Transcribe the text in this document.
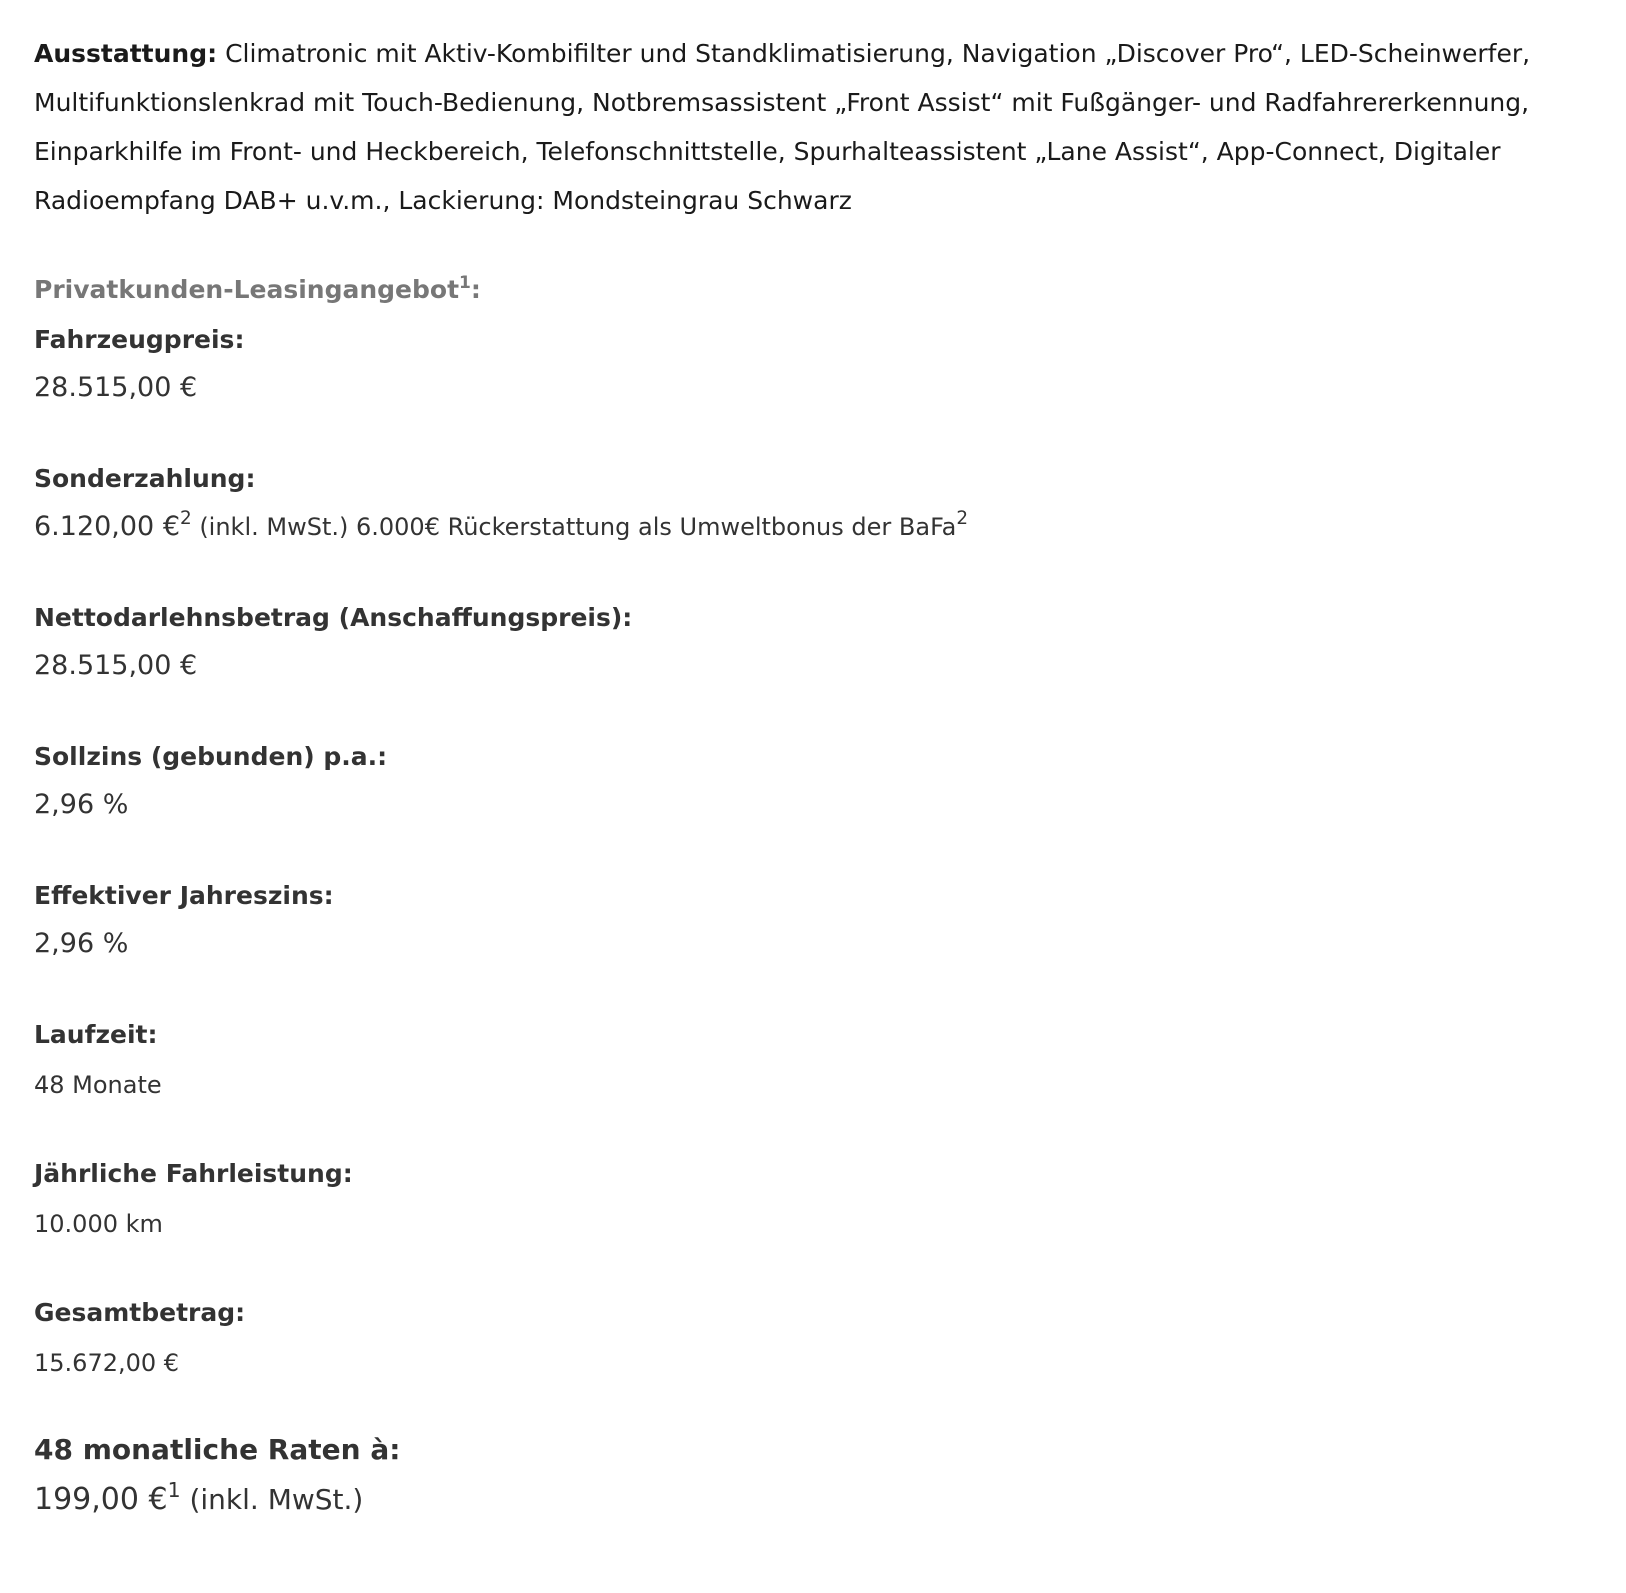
Ausstattung: Climatronic mit Aktiv-Kombifilter und Standklimatisierung, Navigation „Discover Pro“, LED-Scheinwerfer, Multifunktionslenkrad mit Touch-Bedienung, Notbremsassistent „Front Assist“ mit Fußgänger- und Radfahrererkennung, Einparkhilfe im Front- und Heckbereich, Telefonschnittstelle, Spurhalteassistent „Lane Assist“, App-Connect, Digitaler Radioempfang DAB+ u.v.m., Lackierung: Mondsteingrau Schwarz

Privatkunden-Leasingangebot$^1$:
Fahrzeugpreis:
28.515,00 €
Sonderzahlung:
6.120,00 €$^2$ (inkl. MwSt.) 6.000€ Rückerstattung als Umweltbonus der BaFa$^2$
Nettodarlehnsbetrag (Anschaffungspreis):
28.515,00 €
Sollzins (gebunden) p.a.:
2,96 %
Effektiver Jahreszins:
2,96 %
Laufzeit:
48 Monate
Jährliche Fahrleistung:
10.000 km
Gesamtbetrag:
15.672,00 €
48 monatliche Raten à:
199,00 €$^1$ (inkl. MwSt.)
